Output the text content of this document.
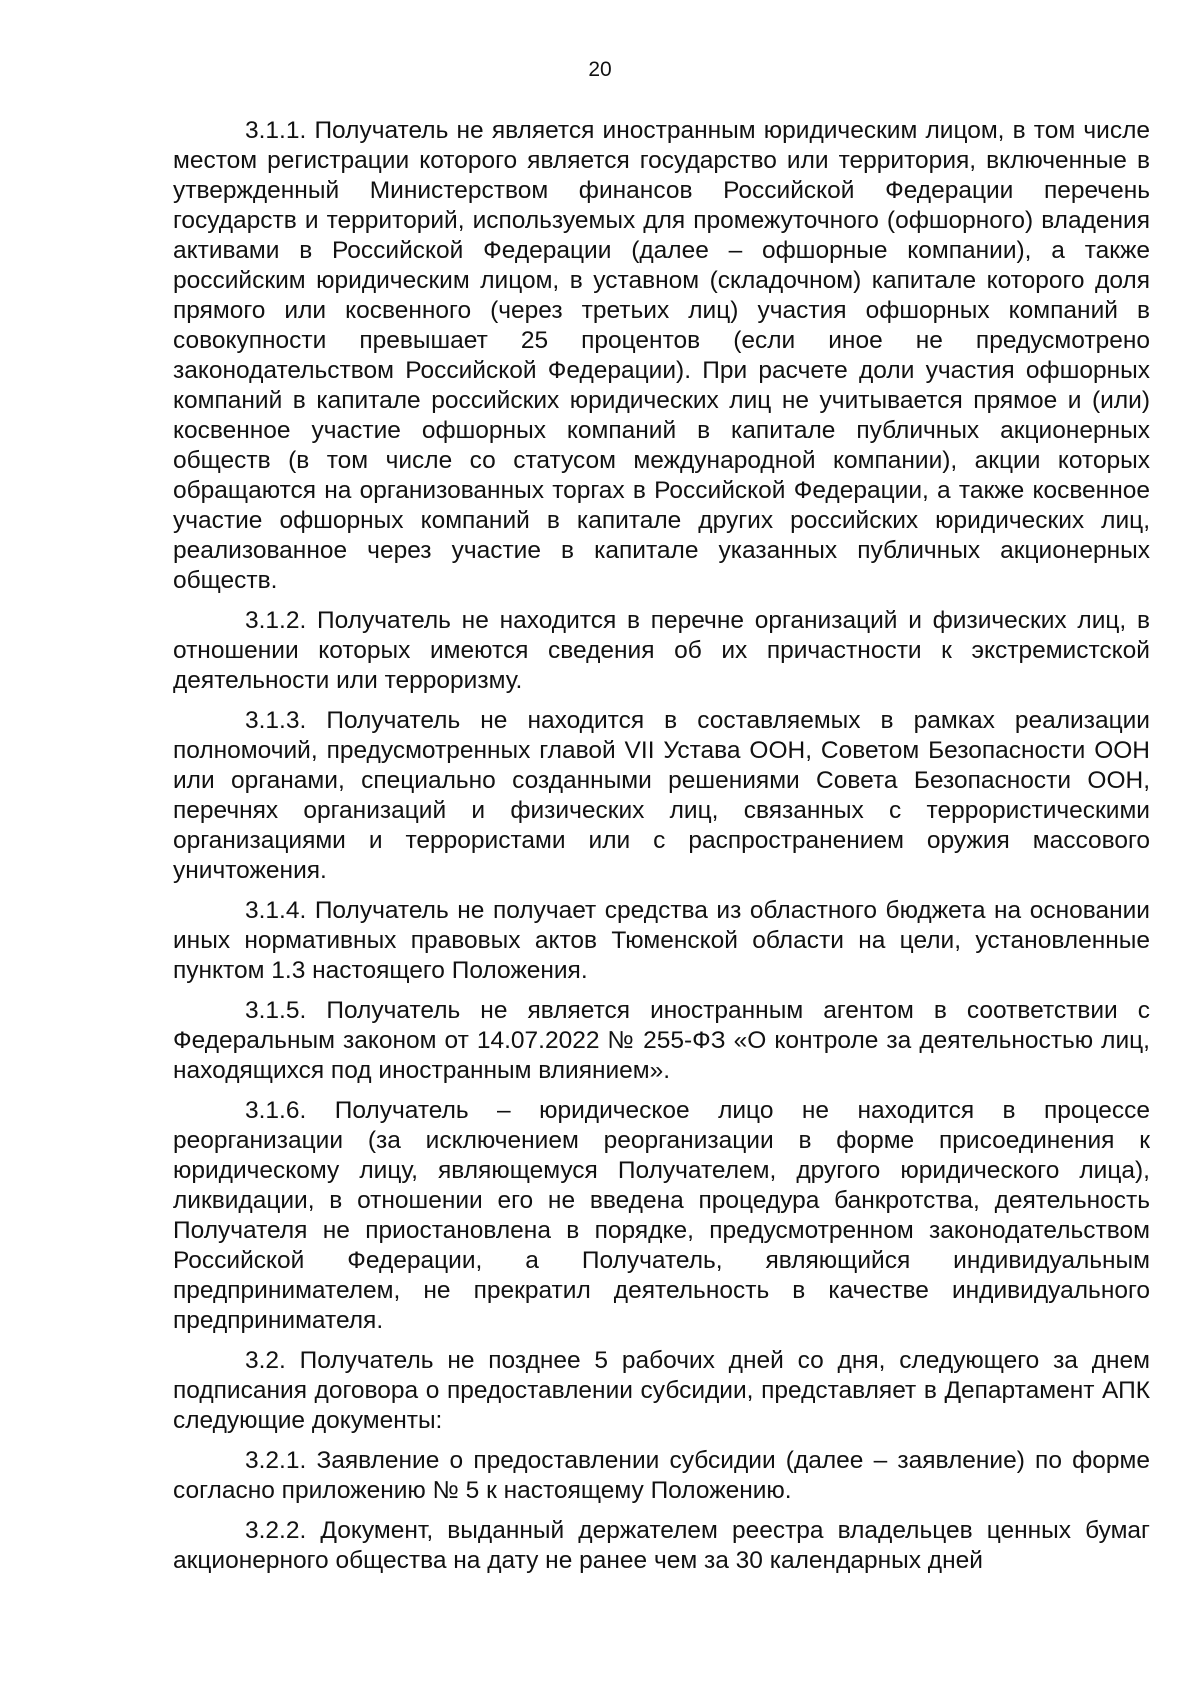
20

3.1.1. Получатель не является иностранным юридическим лицом, в том числе местом регистрации которого является государство или территория, включенные в утвержденный Министерством финансов Российской Федерации перечень государств и территорий, используемых для промежуточного (офшорного) владения активами в Российской Федерации (далее – офшорные компании), а также российским юридическим лицом, в уставном (складочном) капитале которого доля прямого или косвенного (через третьих лиц) участия офшорных компаний в совокупности превышает 25 процентов (если иное не предусмотрено законодательством Российской Федерации). При расчете доли участия офшорных компаний в капитале российских юридических лиц не учитывается прямое и (или) косвенное участие офшорных компаний в капитале публичных акционерных обществ (в том числе со статусом международной компании), акции которых обращаются на организованных торгах в Российской Федерации, а также косвенное участие офшорных компаний в капитале других российских юридических лиц, реализованное через участие в капитале указанных публичных акционерных обществ.

3.1.2. Получатель не находится в перечне организаций и физических лиц, в отношении которых имеются сведения об их причастности к экстремистской деятельности или терроризму.

3.1.3. Получатель не находится в составляемых в рамках реализации полномочий, предусмотренных главой VII Устава ООН, Советом Безопасности ООН или органами, специально созданными решениями Совета Безопасности ООН, перечнях организаций и физических лиц, связанных с террористическими организациями и террористами или с распространением оружия массового уничтожения.

3.1.4. Получатель не получает средства из областного бюджета на основании иных нормативных правовых актов Тюменской области на цели, установленные пунктом 1.3 настоящего Положения.

3.1.5. Получатель не является иностранным агентом в соответствии с Федеральным законом от 14.07.2022 № 255-ФЗ «О контроле за деятельностью лиц, находящихся под иностранным влиянием».

3.1.6. Получатель – юридическое лицо не находится в процессе реорганизации (за исключением реорганизации в форме присоединения к юридическому лицу, являющемуся Получателем, другого юридического лица), ликвидации, в отношении его не введена процедура банкротства, деятельность Получателя не приостановлена в порядке, предусмотренном законодательством Российской Федерации, а Получатель, являющийся индивидуальным предпринимателем, не прекратил деятельность в качестве индивидуального предпринимателя.

3.2. Получатель не позднее 5 рабочих дней со дня, следующего за днем подписания договора о предоставлении субсидии, представляет в Департамент АПК следующие документы:

3.2.1. Заявление о предоставлении субсидии (далее – заявление) по форме согласно приложению № 5 к настоящему Положению.

3.2.2. Документ, выданный держателем реестра владельцев ценных бумаг акционерного общества на дату не ранее чем за 30 календарных дней
